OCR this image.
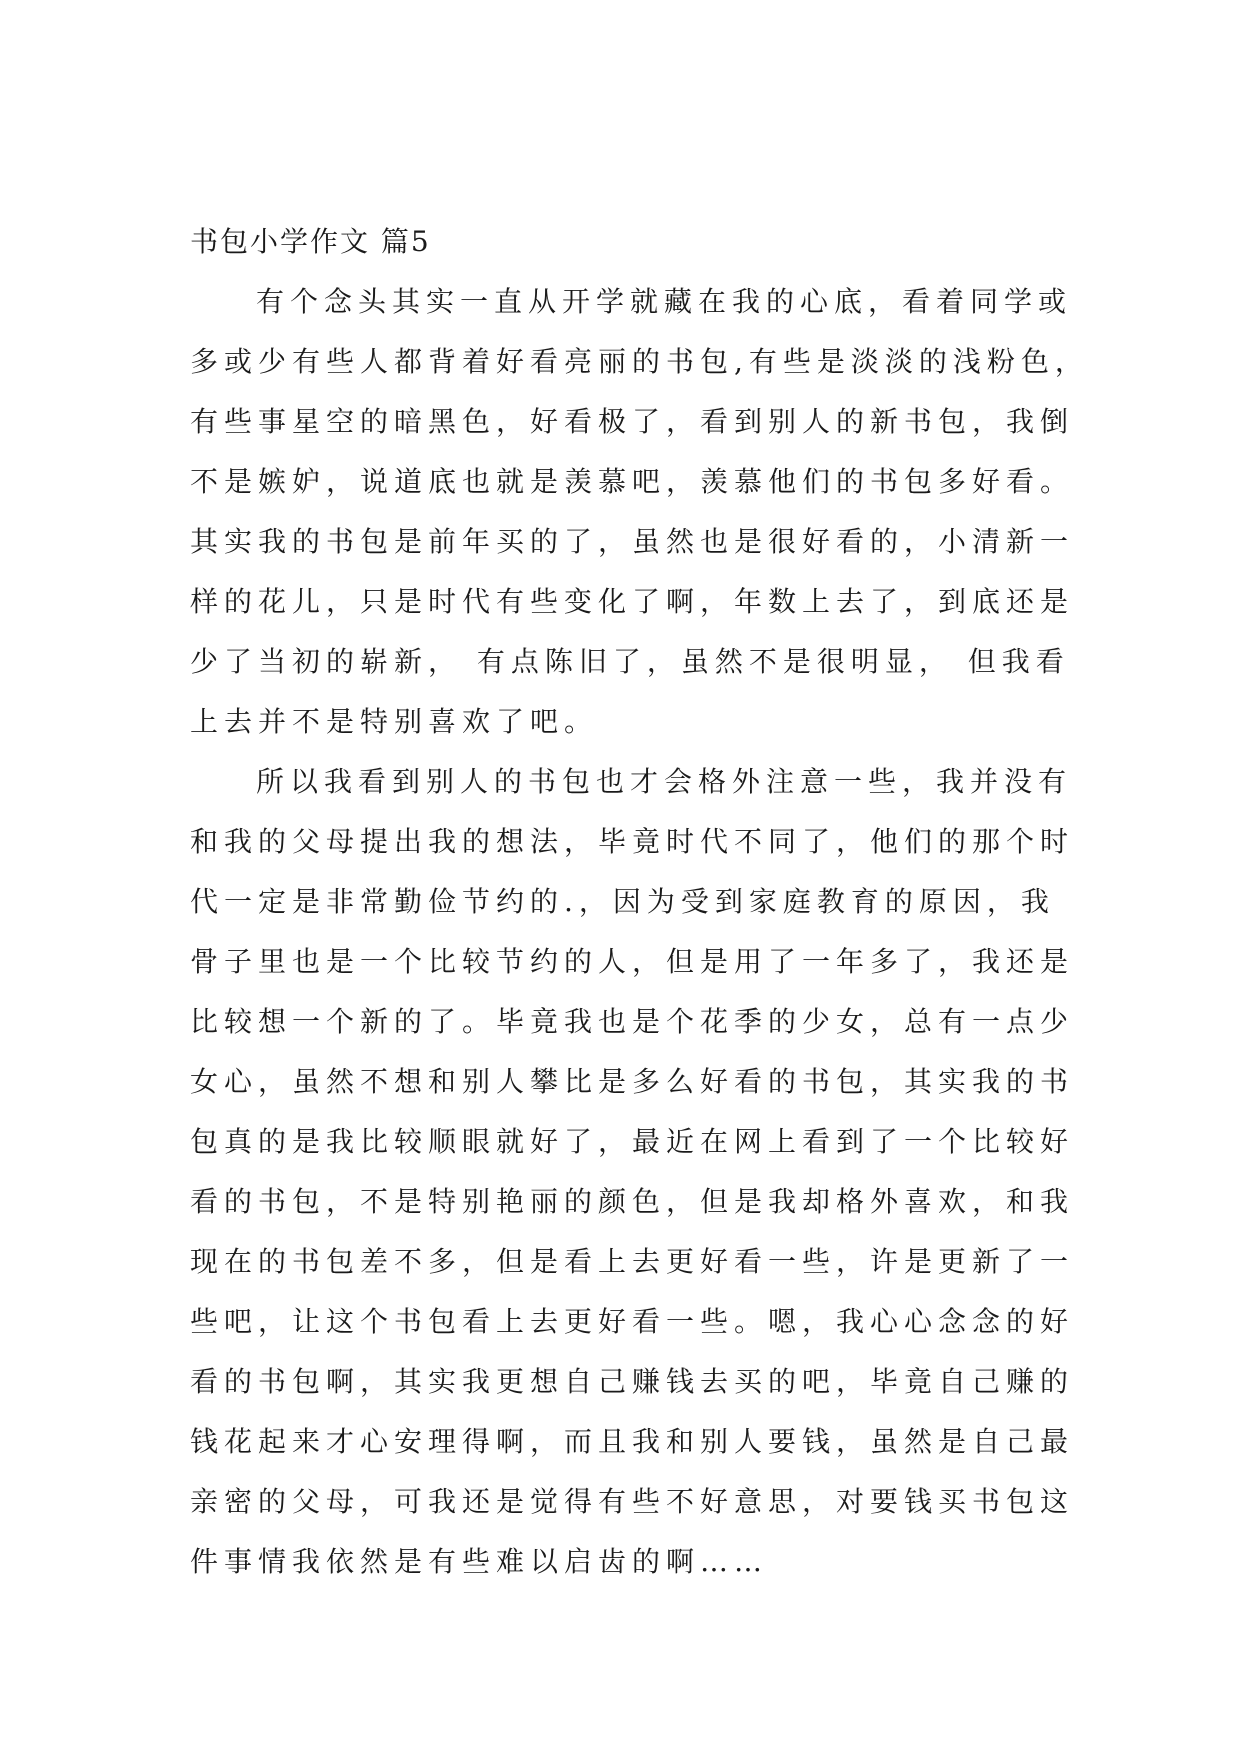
书包小学作文 篇5
有个念头其实一直从开学就藏在我的心底，看着同学或
多或少有些人都背着好看亮丽的书包,有些是淡淡的浅粉色，
有些事星空的暗黑色，好看极了，看到别人的新书包，我倒
不是嫉妒，说道底也就是羡慕吧，羡慕他们的书包多好看。
其实我的书包是前年买的了，虽然也是很好看的，小清新一
样的花儿，只是时代有些变化了啊，年数上去了，到底还是
少了当初的崭新， 有点陈旧了，虽然不是很明显， 但我看
上去并不是特别喜欢了吧。
所以我看到别人的书包也才会格外注意一些，我并没有
和我的父母提出我的想法，毕竟时代不同了，他们的那个时
代一定是非常勤俭节约的.，因为受到家庭教育的原因，我
骨子里也是一个比较节约的人，但是用了一年多了，我还是
比较想一个新的了。毕竟我也是个花季的少女，总有一点少
女心，虽然不想和别人攀比是多么好看的书包，其实我的书
包真的是我比较顺眼就好了，最近在网上看到了一个比较好
看的书包，不是特别艳丽的颜色，但是我却格外喜欢，和我
现在的书包差不多，但是看上去更好看一些，许是更新了一
些吧，让这个书包看上去更好看一些。嗯，我心心念念的好
看的书包啊，其实我更想自己赚钱去买的吧，毕竟自己赚的
钱花起来才心安理得啊，而且我和别人要钱，虽然是自己最
亲密的父母，可我还是觉得有些不好意思，对要钱买书包这
件事情我依然是有些难以启齿的啊……
